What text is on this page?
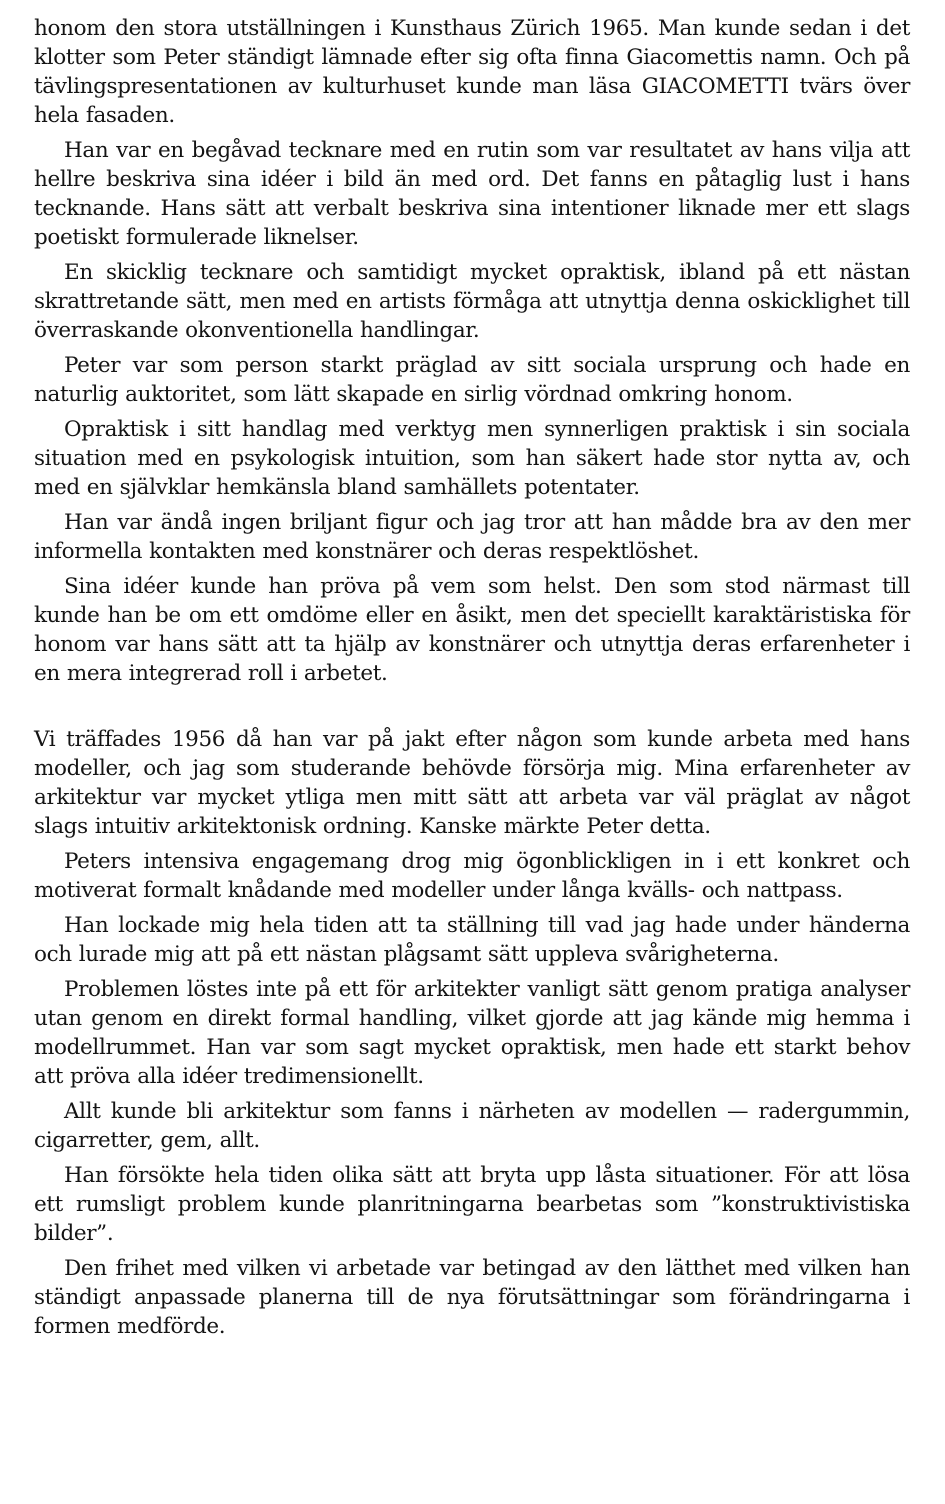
honom den stora utställningen i Kunsthaus Zürich 1965. Man kunde sedan i det klotter som Peter ständigt lämnade efter sig ofta finna Giacomettis namn. Och på tävlingspresentationen av kulturhuset kunde man läsa GIACOMETTI tvärs över hela fasaden.

Han var en begåvad tecknare med en rutin som var resultatet av hans vilja att hellre beskriva sina idéer i bild än med ord. Det fanns en påtaglig lust i hans tecknande. Hans sätt att verbalt beskriva sina intentioner liknade mer ett slags poetiskt formulerade liknelser.

En skicklig tecknare och samtidigt mycket opraktisk, ibland på ett nästan skrattretande sätt, men med en artists förmåga att utnyttja denna oskicklighet till överraskande okonventionella handlingar.

Peter var som person starkt präglad av sitt sociala ursprung och hade en naturlig auktoritet, som lätt skapade en sirlig vördnad omkring honom.

Opraktisk i sitt handlag med verktyg men synnerligen praktisk i sin sociala situation med en psykologisk intuition, som han säkert hade stor nytta av, och med en självklar hemkänsla bland samhällets potentater.

Han var ändå ingen briljant figur och jag tror att han mådde bra av den mer informella kontakten med konstnärer och deras respektlöshet.

Sina idéer kunde han pröva på vem som helst. Den som stod närmast till kunde han be om ett omdöme eller en åsikt, men det speciellt karaktäristiska för honom var hans sätt att ta hjälp av konstnärer och utnyttja deras erfarenheter i en mera integrerad roll i arbetet.

Vi träffades 1956 då han var på jakt efter någon som kunde arbeta med hans modeller, och jag som studerande behövde försörja mig. Mina erfarenheter av arkitektur var mycket ytliga men mitt sätt att arbeta var väl präglat av något slags intuitiv arkitektonisk ordning. Kanske märkte Peter detta.

Peters intensiva engagemang drog mig ögonblickligen in i ett konkret och motiverat formalt knådande med modeller under långa kvälls- och nattpass.

Han lockade mig hela tiden att ta ställning till vad jag hade under händerna och lurade mig att på ett nästan plågsamt sätt uppleva svårigheterna.

Problemen löstes inte på ett för arkitekter vanligt sätt genom pratiga analyser utan genom en direkt formal handling, vilket gjorde att jag kände mig hemma i modellrummet. Han var som sagt mycket opraktisk, men hade ett starkt behov att pröva alla idéer tredimensionellt.

Allt kunde bli arkitektur som fanns i närheten av modellen — radergummin, cigarretter, gem, allt.

Han försökte hela tiden olika sätt att bryta upp låsta situationer. För att lösa ett rumsligt problem kunde planritningarna bearbetas som ”konstruktivistiska bilder”.

Den frihet med vilken vi arbetade var betingad av den lätthet med vilken han ständigt anpassade planerna till de nya förutsättningar som förändringarna i formen medförde.
